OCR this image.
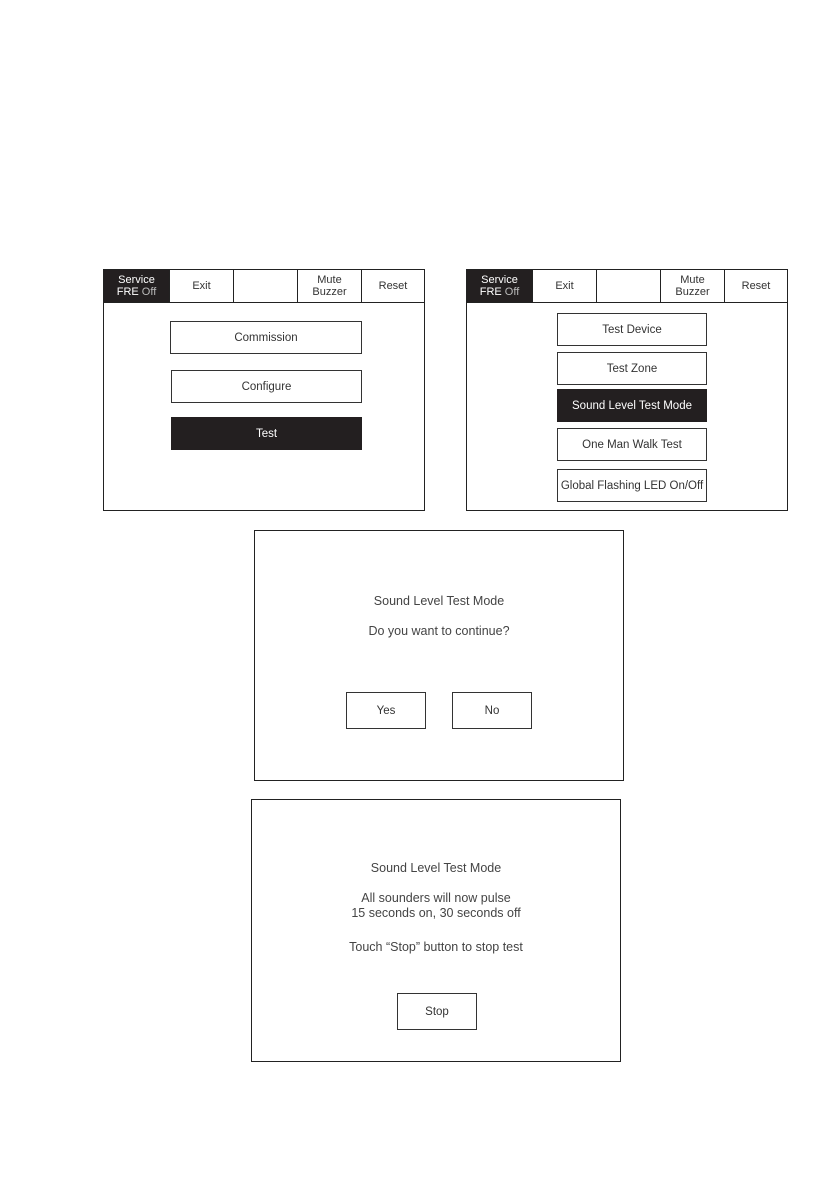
Service
FRE Off	Exit	Mute
Buzzer	Reset
Commission
Configure
Test
Service
FRE Off	Exit	Mute
Buzzer	Reset
Test Device
Test Zone
Sound Level Test Mode
One Man Walk Test
Global Flashing LED On/Off
Sound Level Test Mode
Do you want to continue?
Yes	No
Sound Level Test Mode
All sounders will now pulse
15 seconds on, 30 seconds off
Touch “Stop” button to stop test
Stop
